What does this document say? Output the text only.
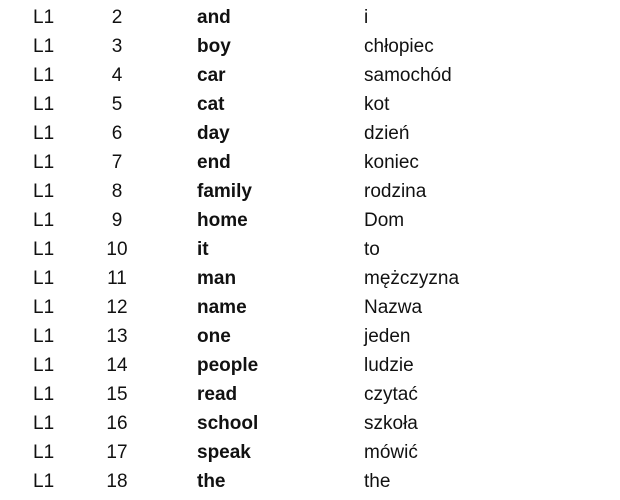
L1	2	and	i
L1	3	boy	chłopiec
L1	4	car	samochód
L1	5	cat	kot
L1	6	day	dzień
L1	7	end	koniec
L1	8	family	rodzina
L1	9	home	Dom
L1	10	it	to
L1	11	man	mężczyzna
L1	12	name	Nazwa
L1	13	one	jeden
L1	14	people	ludzie
L1	15	read	czytać
L1	16	school	szkoła
L1	17	speak	mówić
L1	18	the	the
